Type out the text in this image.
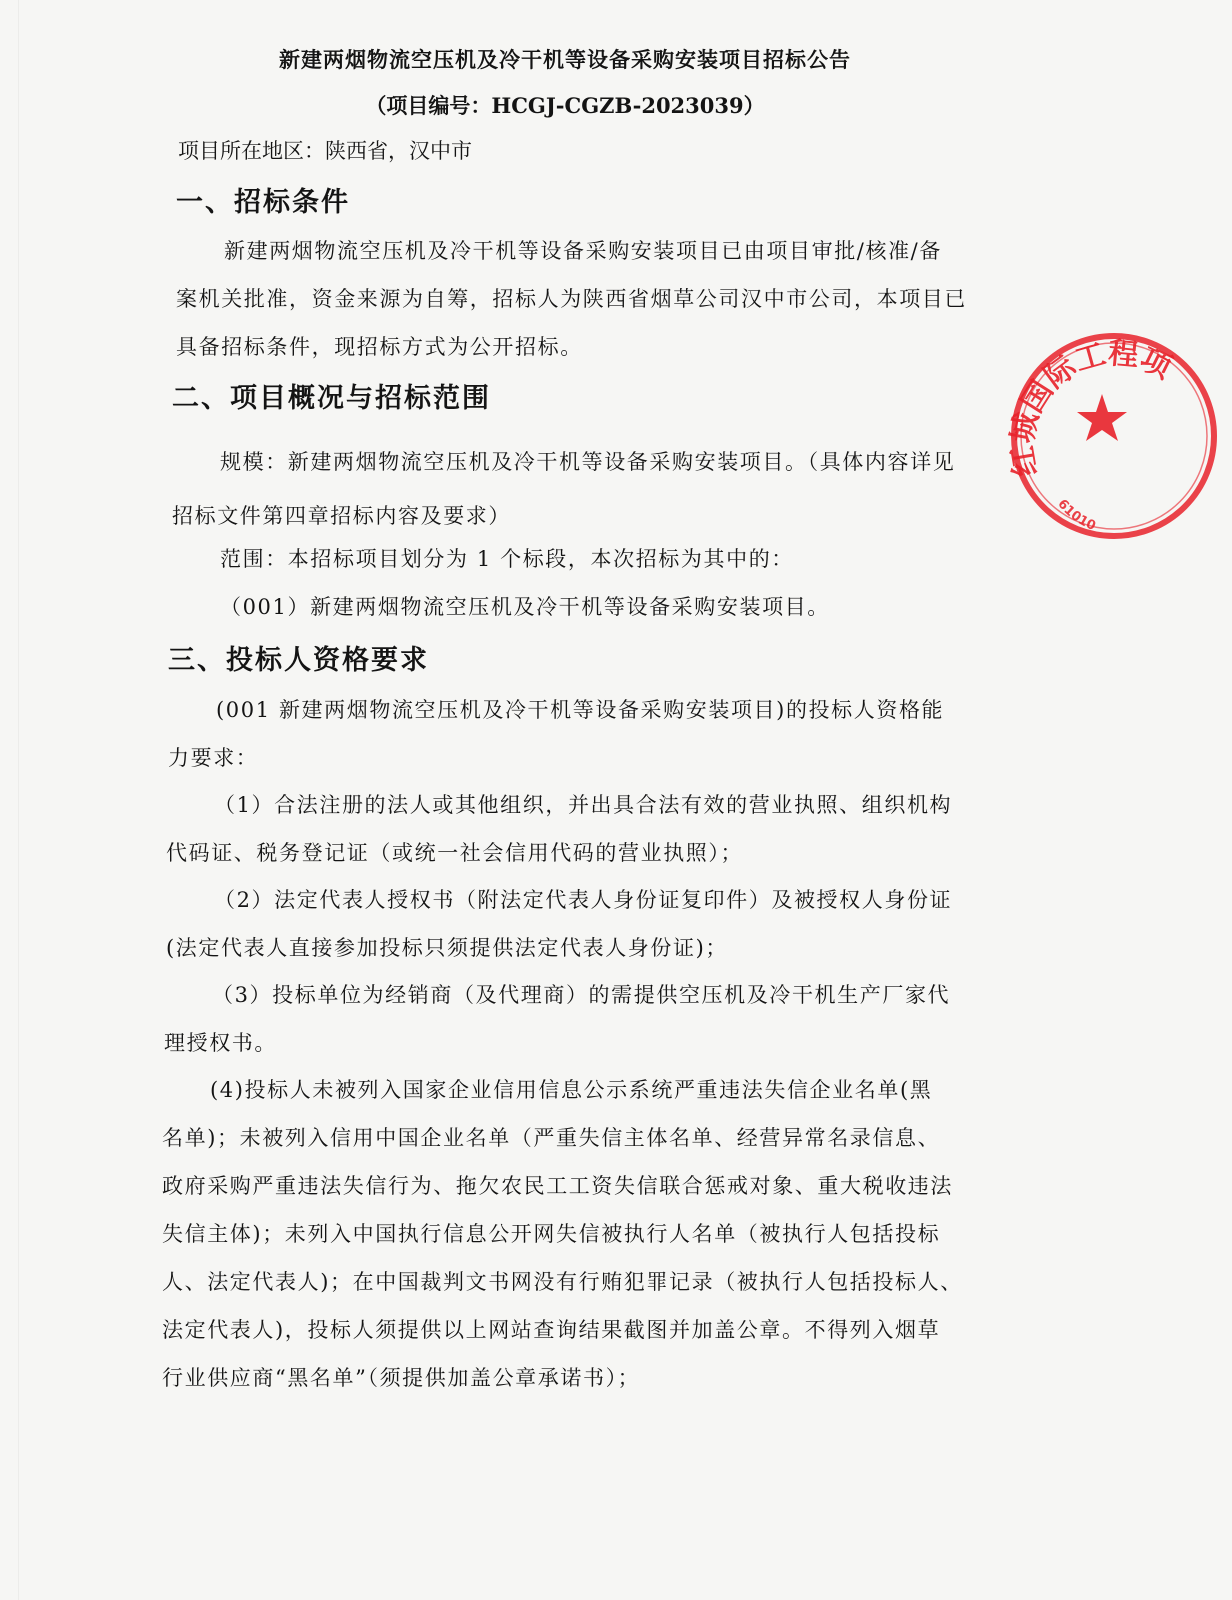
新建两烟物流空压机及冷干机等设备采购安装项目招标公告
（项目编号：HCGJ-CGZB-2023039）
项目所在地区：陕西省，汉中市
一、招标条件
新建两烟物流空压机及冷干机等设备采购安装项目已由项目审批/核准/备
案机关批准，资金来源为自筹，招标人为陕西省烟草公司汉中市公司，本项目已
具备招标条件，现招标方式为公开招标。
二、项目概况与招标范围
规模：新建两烟物流空压机及冷干机等设备采购安装项目。（具体内容详见
招标文件第四章招标内容及要求）
范围：本招标项目划分为 1 个标段，本次招标为其中的：
（001）新建两烟物流空压机及冷干机等设备采购安装项目。
三、投标人资格要求
(001 新建两烟物流空压机及冷干机等设备采购安装项目)的投标人资格能
力要求：
（1）合法注册的法人或其他组织，并出具合法有效的营业执照、组织机构
代码证、税务登记证（或统一社会信用代码的营业执照）；
（2）法定代表人授权书（附法定代表人身份证复印件）及被授权人身份证
(法定代表人直接参加投标只须提供法定代表人身份证)；
（3）投标单位为经销商（及代理商）的需提供空压机及冷干机生产厂家代
理授权书。
(4)投标人未被列入国家企业信用信息公示系统严重违法失信企业名单(黑
名单)；未被列入信用中国企业名单（严重失信主体名单、经营异常名录信息、
政府采购严重违法失信行为、拖欠农民工工资失信联合惩戒对象、重大税收违法
失信主体)；未列入中国执行信息公开网失信被执行人名单（被执行人包括投标
人、法定代表人)；在中国裁判文书网没有行贿犯罪记录（被执行人包括投标人、
法定代表人)，投标人须提供以上网站查询结果截图并加盖公章。不得列入烟草
行业供应商“黑名单”（须提供加盖公章承诺书）；
红城国际工程项
61010
